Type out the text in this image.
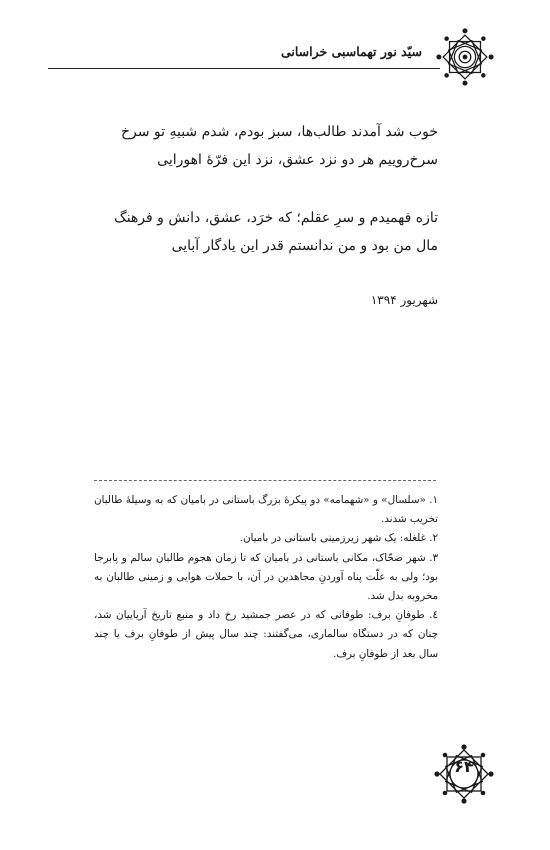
سیّد نور تهماسبی خراسانی
خوب شد آمدند طالب‌ها، سبز بودم، شدم شبیهِ تو سرخ
سرخ‌روییم هر دو نزد عشق، نزد این فرّهٔ اهورایی
تازه فهمیدم و سرِ عقلم؛ که خرَد، عشق، دانش و فرهنگ
مال من بود و من ندانستم قدر این یادگار آبایی
شهریور ۱۳۹۴

۱. «سلسال» و «شهمامه» دو پیکرهٔ بزرگ باستانی در بامیان که به وسیلهٔ طالبان تخریب شدند.

۲. غلغله: یک شهر زیرزمینی باستانی در بامیان.

۳. شهر ضحّاک، مکانی باستانی در بامیان که تا زمان هجوم طالبان سالم و پابرجا بود؛ ولی به علّت پناه آوردنِ مجاهدین در آن، با حملات هوایی و زمینی طالبان به مخروبه بدل شد.

٤. طوفانِ برف: طوفانی که در عصر جمشید رخ داد و منبع تاریخ آریاییان شد، چنان که در دستگاه سالماری، می‌گفتند: چند سال پیش از طوفانِ برف یا چند سال بعد از طوفانِ برف.

۶۴
